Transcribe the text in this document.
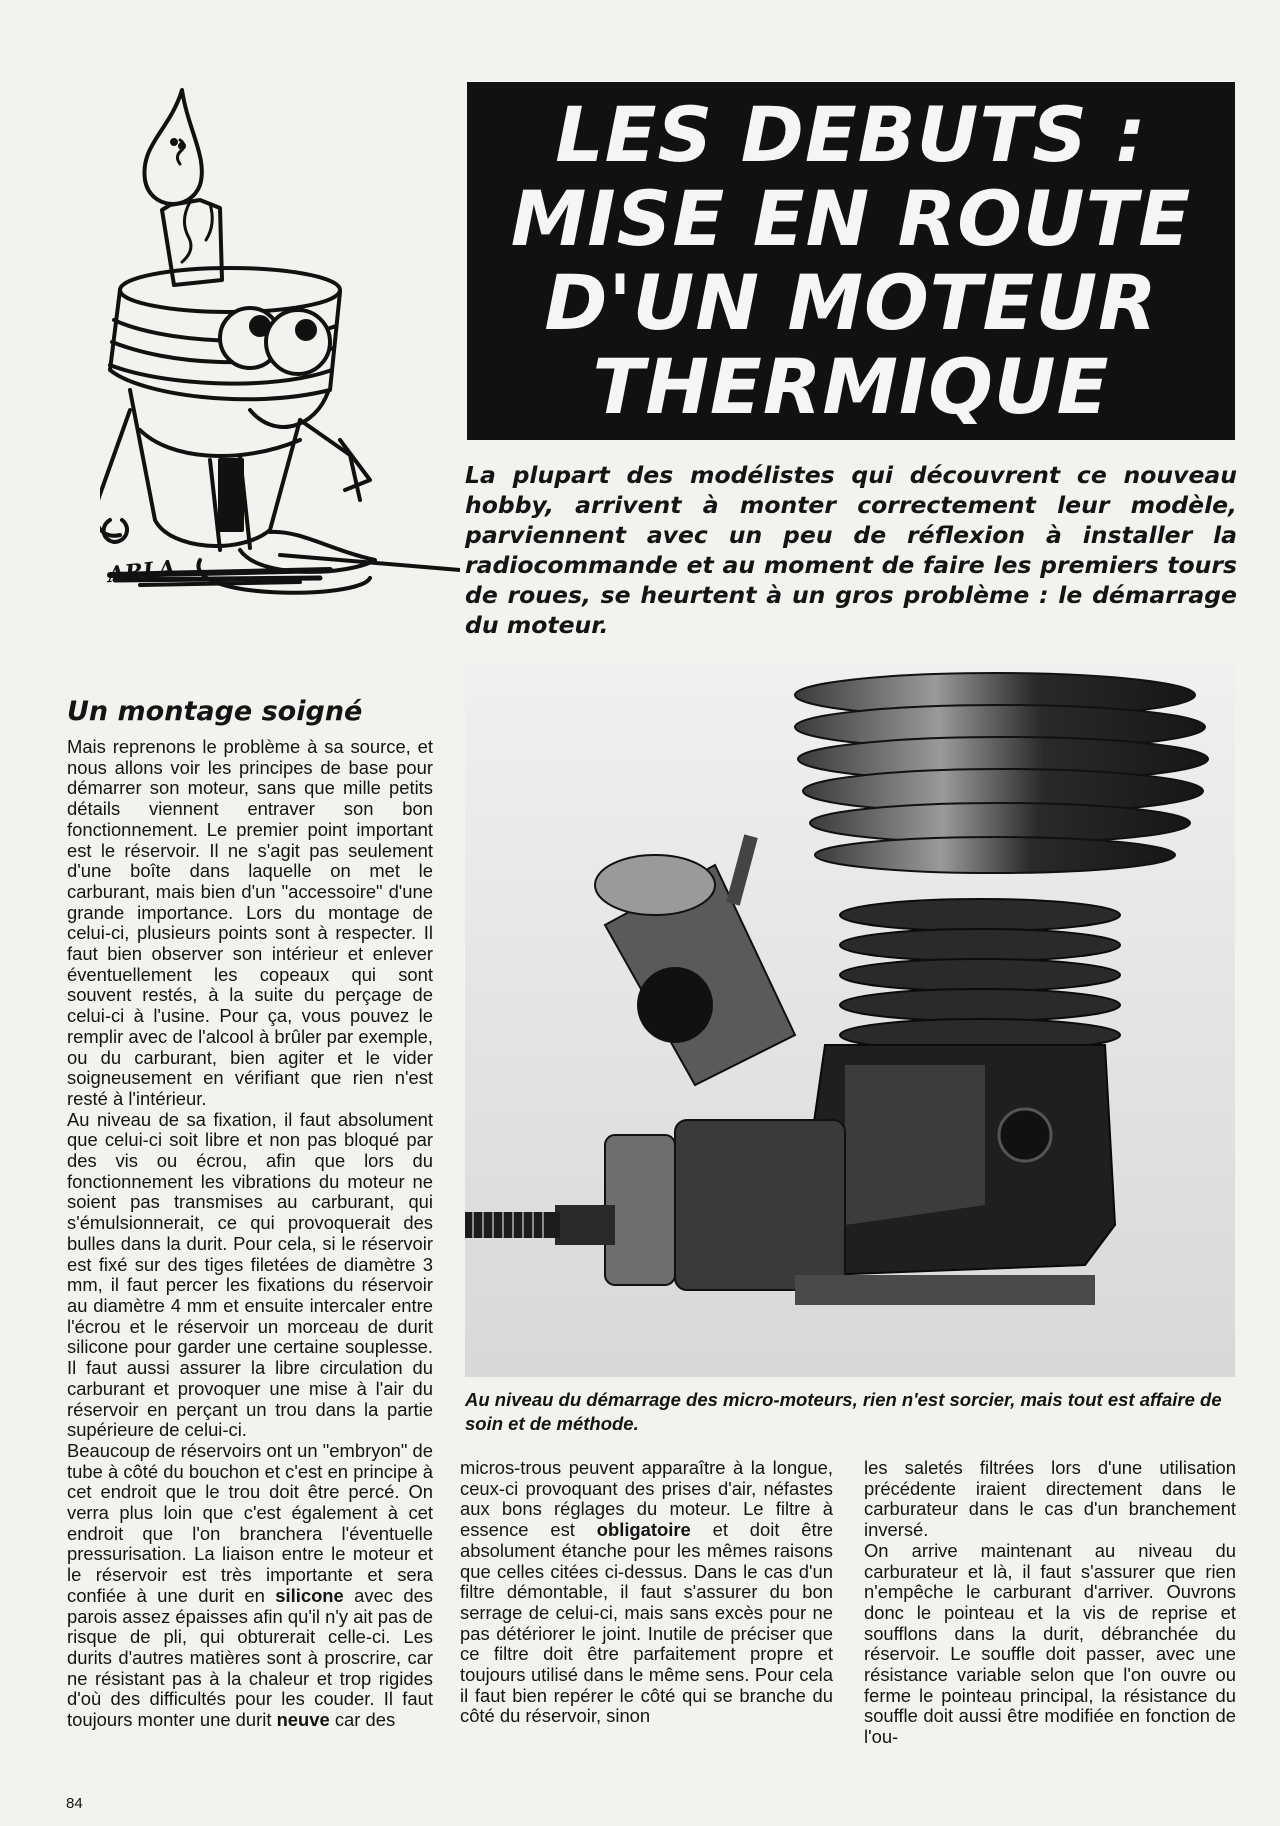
ARLA
LES DEBUTS :
MISE EN ROUTE
D'UN MOTEUR
THERMIQUE
La plupart des modélistes qui découvrent ce nouveau hobby, arrivent à monter correctement leur modèle, parviennent avec un peu de réflexion à installer la radiocommande et au moment de faire les premiers tours de roues, se heurtent à un gros problème : le démarrage du moteur.
Un montage soigné
Au niveau du démarrage des micro-moteurs, rien n'est sorcier, mais tout est affaire de soin et de méthode.

Mais reprenons le problème à sa source, et nous allons voir les principes de base pour démarrer son moteur, sans que mille petits détails viennent entraver son bon fonctionnement. Le premier point important est le réservoir. Il ne s'agit pas seulement d'une boîte dans laquelle on met le carburant, mais bien d'un "accessoire" d'une grande importance. Lors du montage de celui-ci, plusieurs points sont à respecter. Il faut bien observer son intérieur et enlever éventuellement les copeaux qui sont souvent restés, à la suite du perçage de celui-ci à l'usine. Pour ça, vous pouvez le remplir avec de l'alcool à brûler par exemple, ou du carburant, bien agiter et le vider soigneusement en vérifiant que rien n'est resté à l'intérieur.

Au niveau de sa fixation, il faut absolument que celui-ci soit libre et non pas bloqué par des vis ou écrou, afin que lors du fonctionnement les vibrations du moteur ne soient pas transmises au carburant, qui s'émulsionnerait, ce qui provoquerait des bulles dans la durit. Pour cela, si le réservoir est fixé sur des tiges filetées de diamètre 3 mm, il faut percer les fixations du réservoir au diamètre 4 mm et ensuite intercaler entre l'écrou et le réservoir un morceau de durit silicone pour garder une certaine souplesse. Il faut aussi assurer la libre circulation du carburant et provoquer une mise à l'air du réservoir en perçant un trou dans la partie supérieure de celui-ci.

Beaucoup de réservoirs ont un "embryon" de tube à côté du bouchon et c'est en principe à cet endroit que le trou doit être percé. On verra plus loin que c'est également à cet endroit que l'on branchera l'éventuelle pressurisation. La liaison entre le moteur et le réservoir est très importante et sera confiée à une durit en silicone avec des parois assez épaisses afin qu'il n'y ait pas de risque de pli, qui obturerait celle-ci. Les durits d'autres matières sont à proscrire, car ne résistant pas à la chaleur et trop rigides d'où des difficultés pour les couder. Il faut toujours monter une durit neuve car des

micros-trous peuvent apparaître à la longue, ceux-ci provoquant des prises d'air, néfastes aux bons réglages du moteur. Le filtre à essence est obligatoire et doit être absolument étanche pour les mêmes raisons que celles citées ci-dessus. Dans le cas d'un filtre démontable, il faut s'assurer du bon serrage de celui-ci, mais sans excès pour ne pas détériorer le joint. Inutile de préciser que ce filtre doit être parfaitement propre et toujours utilisé dans le même sens. Pour cela il faut bien repérer le côté qui se branche du côté du réservoir, sinon

les saletés filtrées lors d'une utilisation précédente iraient directement dans le carburateur dans le cas d'un branchement inversé.

On arrive maintenant au niveau du carburateur et là, il faut s'assurer que rien n'empêche le carburant d'arriver. Ouvrons donc le pointeau et la vis de reprise et soufflons dans la durit, débranchée du réservoir. Le souffle doit passer, avec une résistance variable selon que l'on ouvre ou ferme le pointeau principal, la résistance du souffle doit aussi être modifiée en fonction de l'ou-

84
